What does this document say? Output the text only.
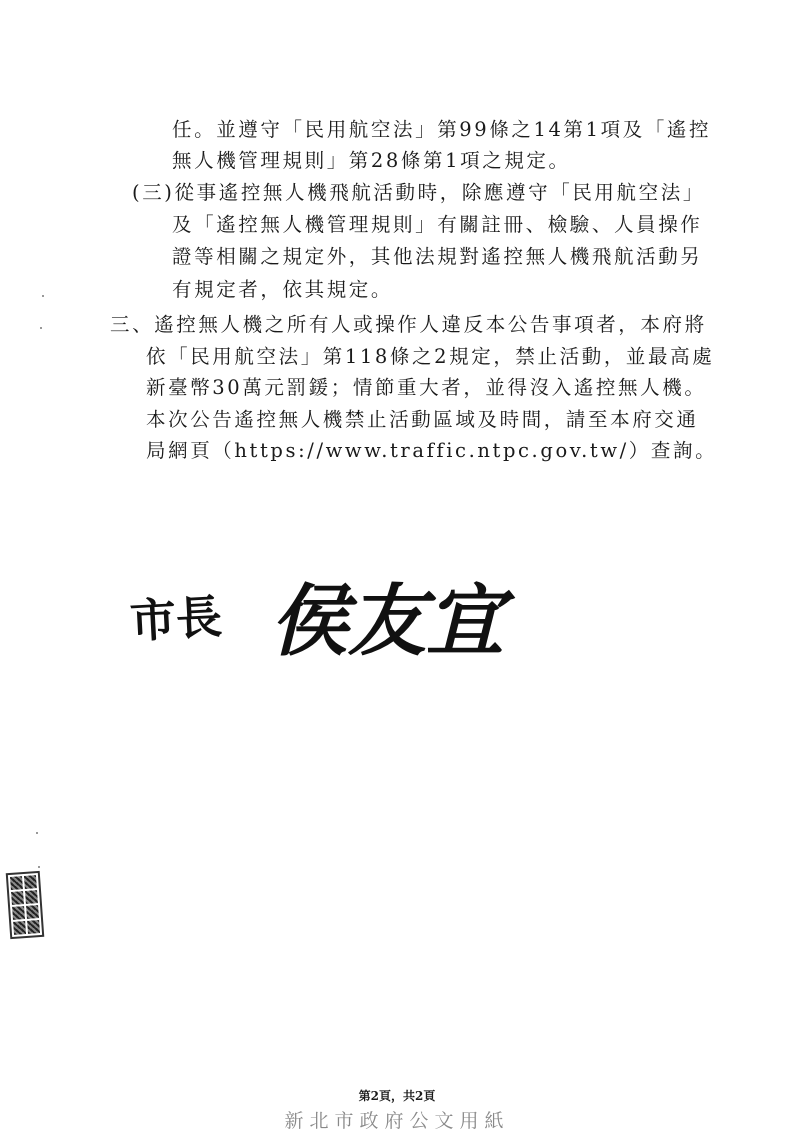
任。並遵守「民用航空法」第99條之14第1項及「遙控
無人機管理規則」第28條第1項之規定。
(三)從事遙控無人機飛航活動時，除應遵守「民用航空法」
及「遙控無人機管理規則」有關註冊、檢驗、人員操作
證等相關之規定外，其他法規對遙控無人機飛航活動另
有規定者，依其規定。
三、遙控無人機之所有人或操作人違反本公告事項者，本府將
依「民用航空法」第118條之2規定，禁止活動，並最高處
新臺幣30萬元罰鍰；情節重大者，並得沒入遙控無人機。
本次公告遙控無人機禁止活動區域及時間，請至本府交通
局網頁（https://www.traffic.ntpc.gov.tw/）查詢。
市長 侯友宜
第2頁，共2頁
新北市政府公文用紙
